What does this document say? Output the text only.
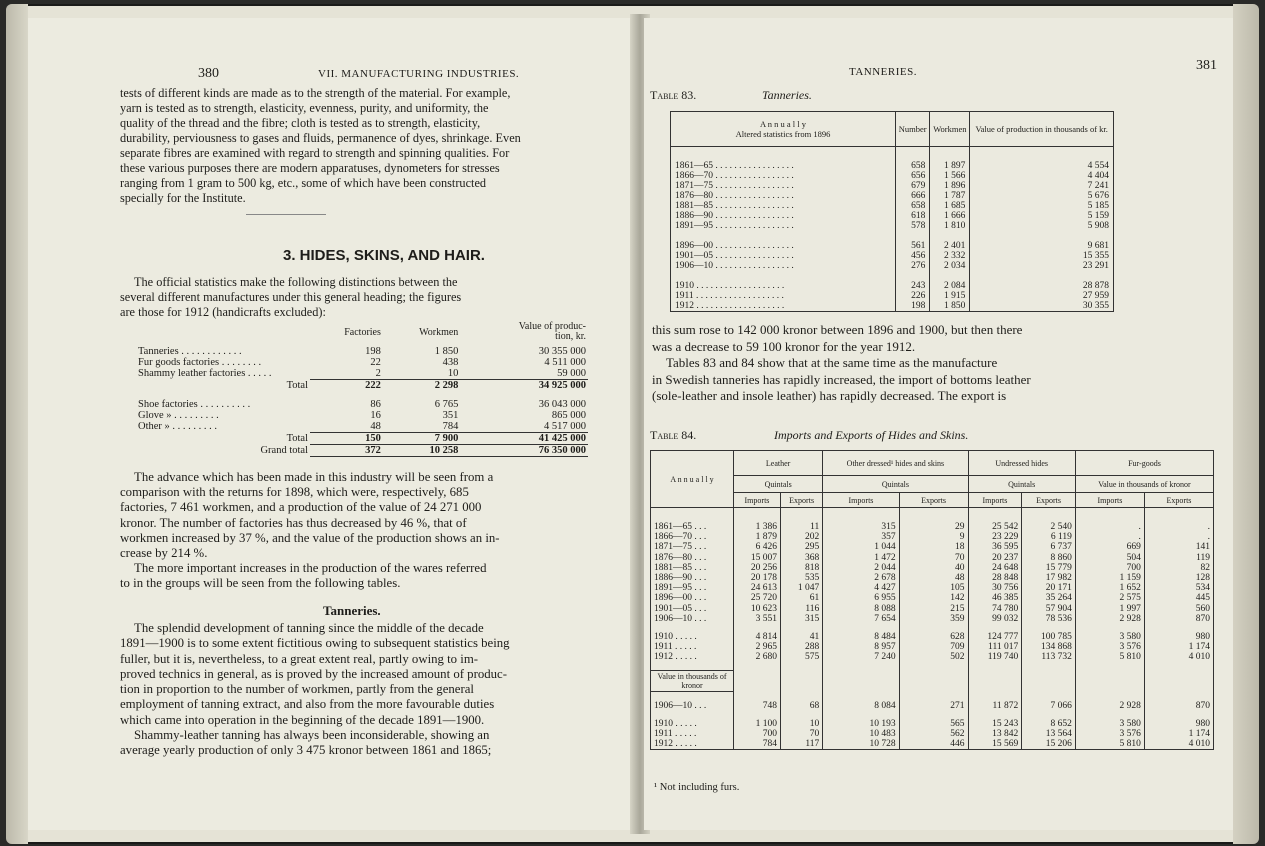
380	VII. MANUFACTURING INDUSTRIES.
tests of different kinds are made as to the strength of the material. For example,
yarn is tested as to strength, elasticity, evenness, purity, and uniformity, the
quality of the thread and the fibre; cloth is tested as to strength, elasticity,
durability, perviousness to gases and fluids, permanence of dyes, shrinkage. Even
separate fibres are examined with regard to strength and spinning qualities. For
these various purposes there are modern apparatuses, dynometers for stresses
ranging from 1 gram to 500 kg, etc., some of which have been constructed
specially for the Institute.
3. HIDES, SKINS, AND HAIR.
The official statistics make the following distinctions between the
several different manufactures under this general heading; the figures
are those for 1912 (handicrafts excluded):
	Factories	Workmen	Value of produc-
tion, kr.
Tanneries . . . . . . . . . . . .	198	1 850	30 355 000
Fur goods factories . . . . . . . .	22	438	4 511 000
Shammy leather factories . . . . .	2	10	59 000
Total	222	2 298	34 925 000

Shoe factories . . . . . . . . . .	86	6 765	36 043 000
Glove » . . . . . . . . .	16	351	865 000
Other » . . . . . . . . .	48	784	4 517 000
Total	150	7 900	41 425 000
Grand total	372	10 258	76 350 000
The advance which has been made in this industry will be seen from a
comparison with the returns for 1898, which were, respectively, 685
factories, 7 461 workmen, and a production of the value of 24 271 000
kronor. The number of factories has thus decreased by 46 %, that of
workmen increased by 37 %, and the value of the production shows an in-
crease by 214 %.
The more important increases in the production of the wares referred
to in the groups will be seen from the following tables.
Tanneries.
The splendid development of tanning since the middle of the decade
1891—1900 is to some extent fictitious owing to subsequent statistics being
fuller, but it is, nevertheless, to a great extent real, partly owing to im-
proved technics in general, as is proved by the increased amount of produc-
tion in proportion to the number of workmen, partly from the general
employment of tanning extract, and also from the more favourable duties
which came into operation in the beginning of the decade 1891—1900.
Shammy-leather tanning has always been inconsiderable, showing an
average yearly production of only 3 475 kronor between 1861 and 1865;
TANNERIES.	381
Table 83.	Tanneries.
A n n u a l l y
Altered statistics from 1896	Number	Workmen	Value of production in thousands of kr.

1861—65 . . . . . . . . . . . . . . . . .	658	1 897	4 554
1866—70 . . . . . . . . . . . . . . . . .	656	1 566	4 404
1871—75 . . . . . . . . . . . . . . . . .	679	1 896	7 241
1876—80 . . . . . . . . . . . . . . . . .	666	1 787	5 676
1881—85 . . . . . . . . . . . . . . . . .	658	1 685	5 185
1886—90 . . . . . . . . . . . . . . . . .	618	1 666	5 159
1891—95 . . . . . . . . . . . . . . . . .	578	1 810	5 908

1896—00 . . . . . . . . . . . . . . . . .	561	2 401	9 681
1901—05 . . . . . . . . . . . . . . . . .	456	2 332	15 355
1906—10 . . . . . . . . . . . . . . . . .	276	2 034	23 291

1910 . . . . . . . . . . . . . . . . . . .	243	2 084	28 878
1911 . . . . . . . . . . . . . . . . . . .	226	1 915	27 959
1912 . . . . . . . . . . . . . . . . . . .	198	1 850	30 355
this sum rose to 142 000 kronor between 1896 and 1900, but then there
was a decrease to 59 100 kronor for the year 1912.
Tables 83 and 84 show that at the same time as the manufacture
in Swedish tanneries has rapidly increased, the import of bottoms leather
(sole-leather and insole leather) has rapidly decreased. The export is
Table 84.	Imports and Exports of Hides and Skins.
A n n u a l l y	Leather		Other dressed¹ hides and skins		Undressed hides		Fur-goods	
	Quintals		Quintals		Quintals		Value in thousands of kronor	
	Imports	Exports	Imports	Exports	Imports	Exports	Imports	Exports

1861—65 . . .	1 386	11	315	29	25 542	2 540	.	.
1866—70 . . .	1 879	202	357	9	23 229	6 119	.	.
1871—75 . . .	6 426	295	1 044	18	36 595	6 737	669	141
1876—80 . . .	15 007	368	1 472	70	20 237	8 860	504	119
1881—85 . . .	20 256	818	2 044	40	24 648	15 779	700	82
1886—90 . . .	20 178	535	2 678	48	28 848	17 982	1 159	128
1891—95 . . .	24 613	1 047	4 427	105	30 756	20 171	1 652	534
1896—00 . . .	25 720	61	6 955	142	46 385	35 264	2 575	445
1901—05 . . .	10 623	116	8 088	215	74 780	57 904	1 997	560
1906—10 . . .	3 551	315	7 654	359	99 032	78 536	2 928	870

1910 . . . . .	4 814	41	8 484	628	124 777	100 785	3 580	980
1911 . . . . .	2 965	288	8 957	709	111 017	134 868	3 576	1 174
1912 . . . . .	2 680	575	7 240	502	119 740	113 732	5 810	4 010

Value in thousands of kronor								

1906—10 . . .	748	68	8 084	271	11 872	7 066	2 928	870

1910 . . . . .	1 100	10	10 193	565	15 243	8 652	3 580	980
1911 . . . . .	700	70	10 483	562	13 842	13 564	3 576	1 174
1912 . . . . .	784	117	10 728	446	15 569	15 206	5 810	4 010
¹ Not including furs.
